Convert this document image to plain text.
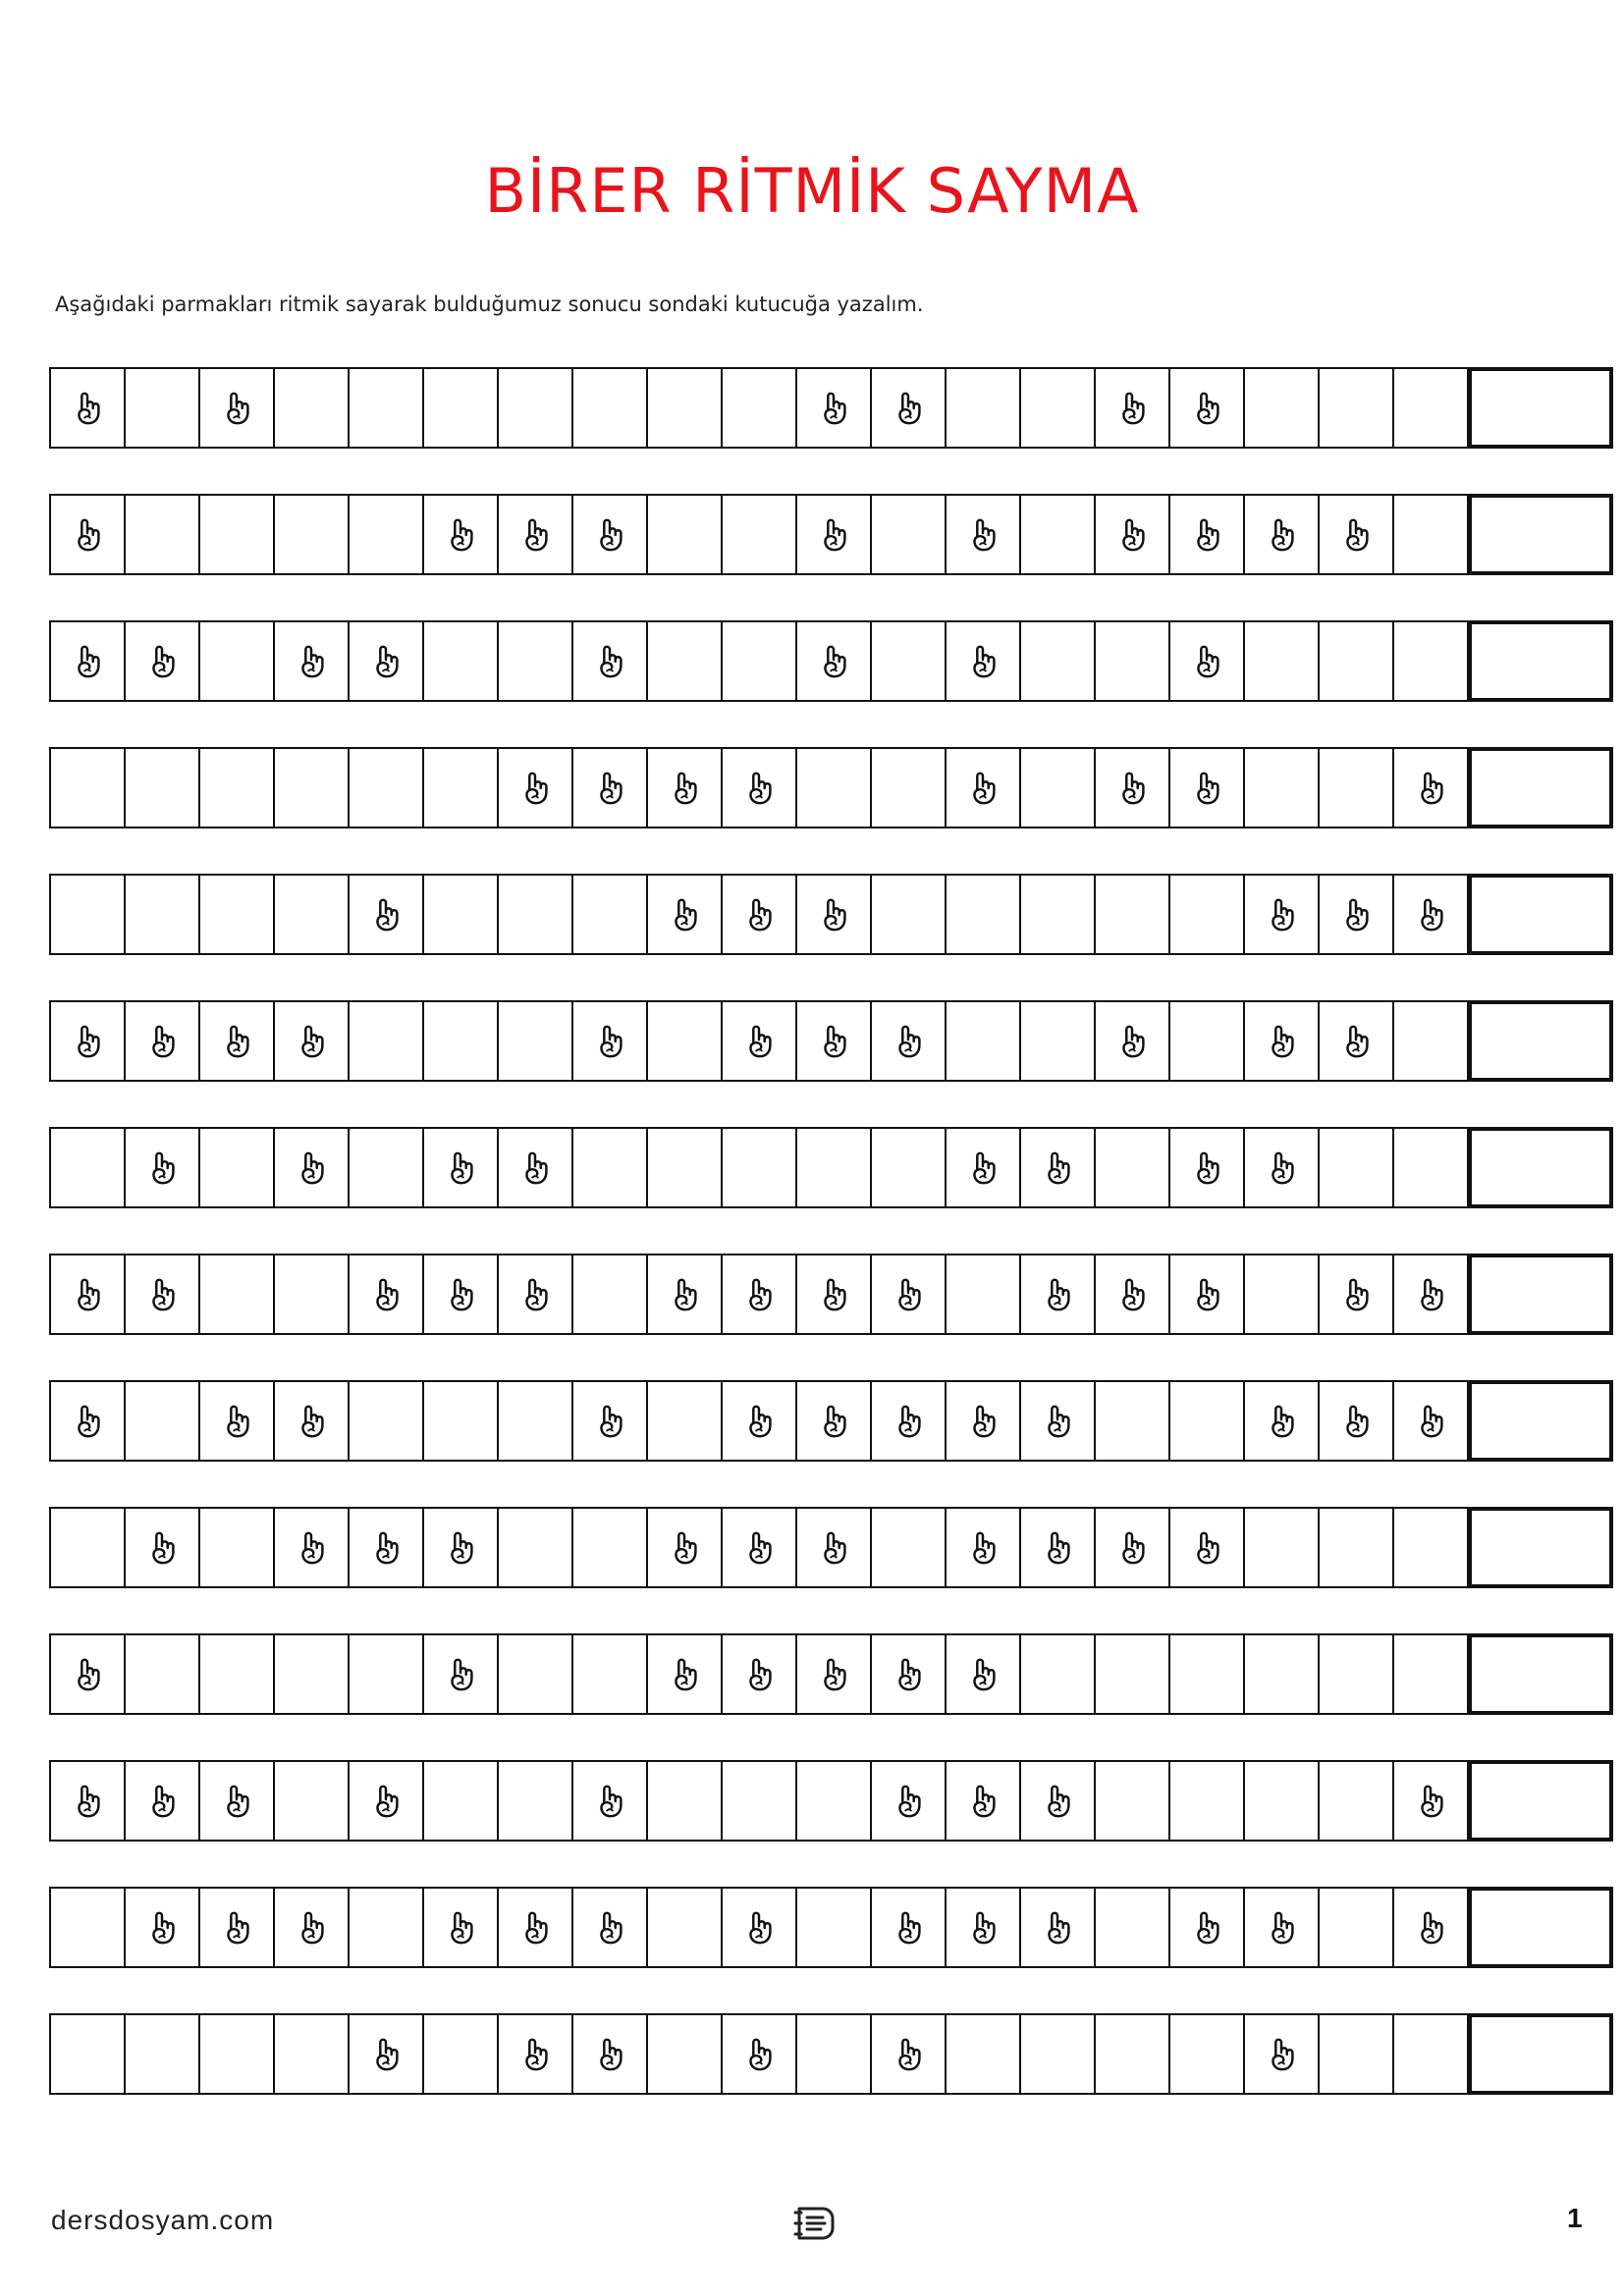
BİRER RİTMİK SAYMA
Aşağıdaki parmakları ritmik sayarak bulduğumuz sonucu sondaki kutucuğa yazalım.
dersdosyam.com	1
